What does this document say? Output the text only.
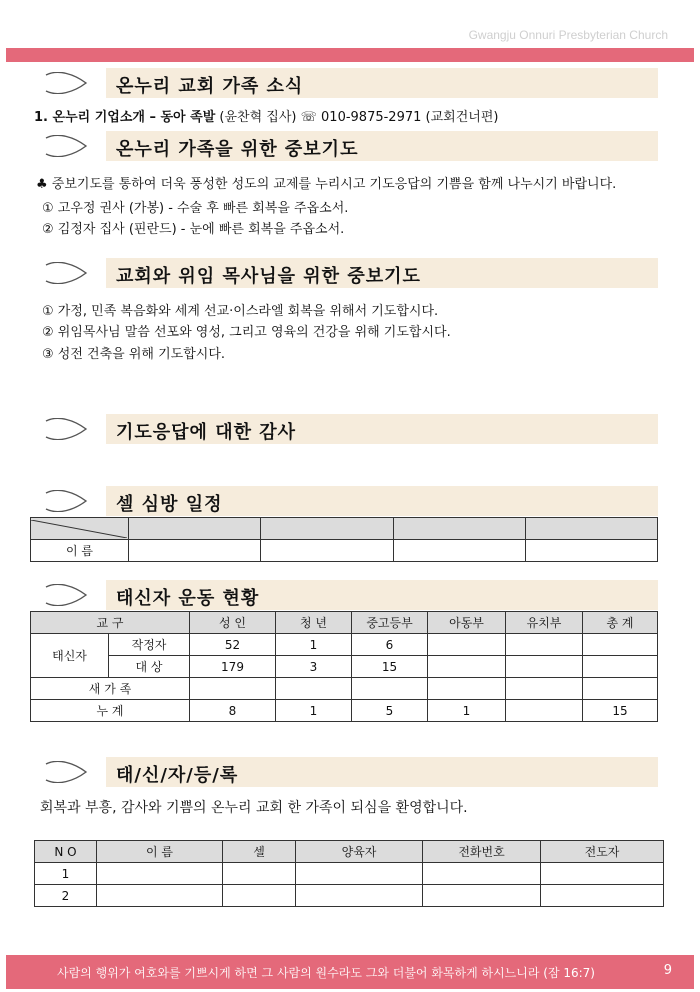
Gwangju Onnuri Presbyterian Church
온누리 교회 가족 소식
1. 온누리 기업소개 – 동아 족발 (윤찬혁 집사) ☏ 010-9875-2971 (교회건너편)
온누리 가족을 위한 중보기도
♣ 중보기도를 통하여 더욱 풍성한 성도의 교제를 누리시고 기도응답의 기쁨을 함께 나누시기 바랍니다.
① 고우정 권사 (가봉) - 수술 후 빠른 회복을 주옵소서.
② 김정자 집사 (핀란드) - 눈에 빠른 회복을 주옵소서.
교회와 위임 목사님을 위한 중보기도
① 가정, 민족 복음화와 세계 선교·이스라엘 회복을 위해서 기도합시다.
② 위임목사님 말씀 선포와 영성, 그리고 영육의 건강을 위해 기도합시다.
③ 성전 건축을 위해 기도합시다.
기도응답에 대한 감사
셀 심방 일정

이 름				
태신자 운동 현황
교 구		성 인	청 년	중고등부	아동부	유치부	총 계
태신자	작정자	52	1	6			
	대 상	179	3	15			
새 가 족							
누 계		8	1	5	1		15
태/신/자/등/록
회복과 부흥, 감사와 기쁨의 온누리 교회 한 가족이 되심을 환영합니다.
N O	이 름	셀	양육자	전화번호	전도자
1					
2					
사람의 행위가 여호와를 기쁘시게 하면 그 사람의 원수라도 그와 더불어 화목하게 하시느니라 (잠 16:7)	9
